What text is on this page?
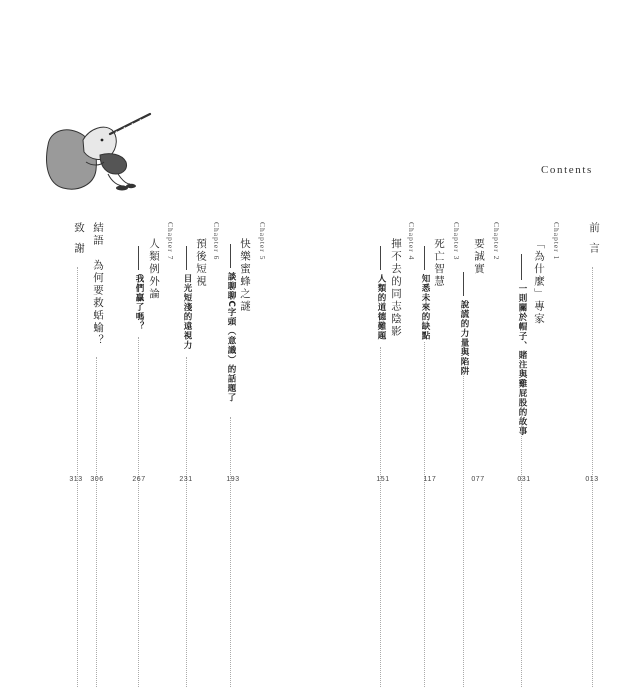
Contents
前言
013
Chapter 1
「為什麼」專家
一則關於帽子、賭注與雞屁股的故事
031
Chapter 2
要誠實
說謊的力量與陷阱
077
Chapter 3
死亡智慧
知悉未來的缺點
117
Chapter 4
揮不去的同志陰影
人類的道德難題
151
Chapter 5
快樂蜜蜂之謎
談聊聊C字頭（意識）的話題了
193
Chapter 6
預後短視
目光短淺的遠視力
231
Chapter 7
人類例外論
我們贏了嗎？
267
結語　為何要救蛞蝓？
306
致謝
313
